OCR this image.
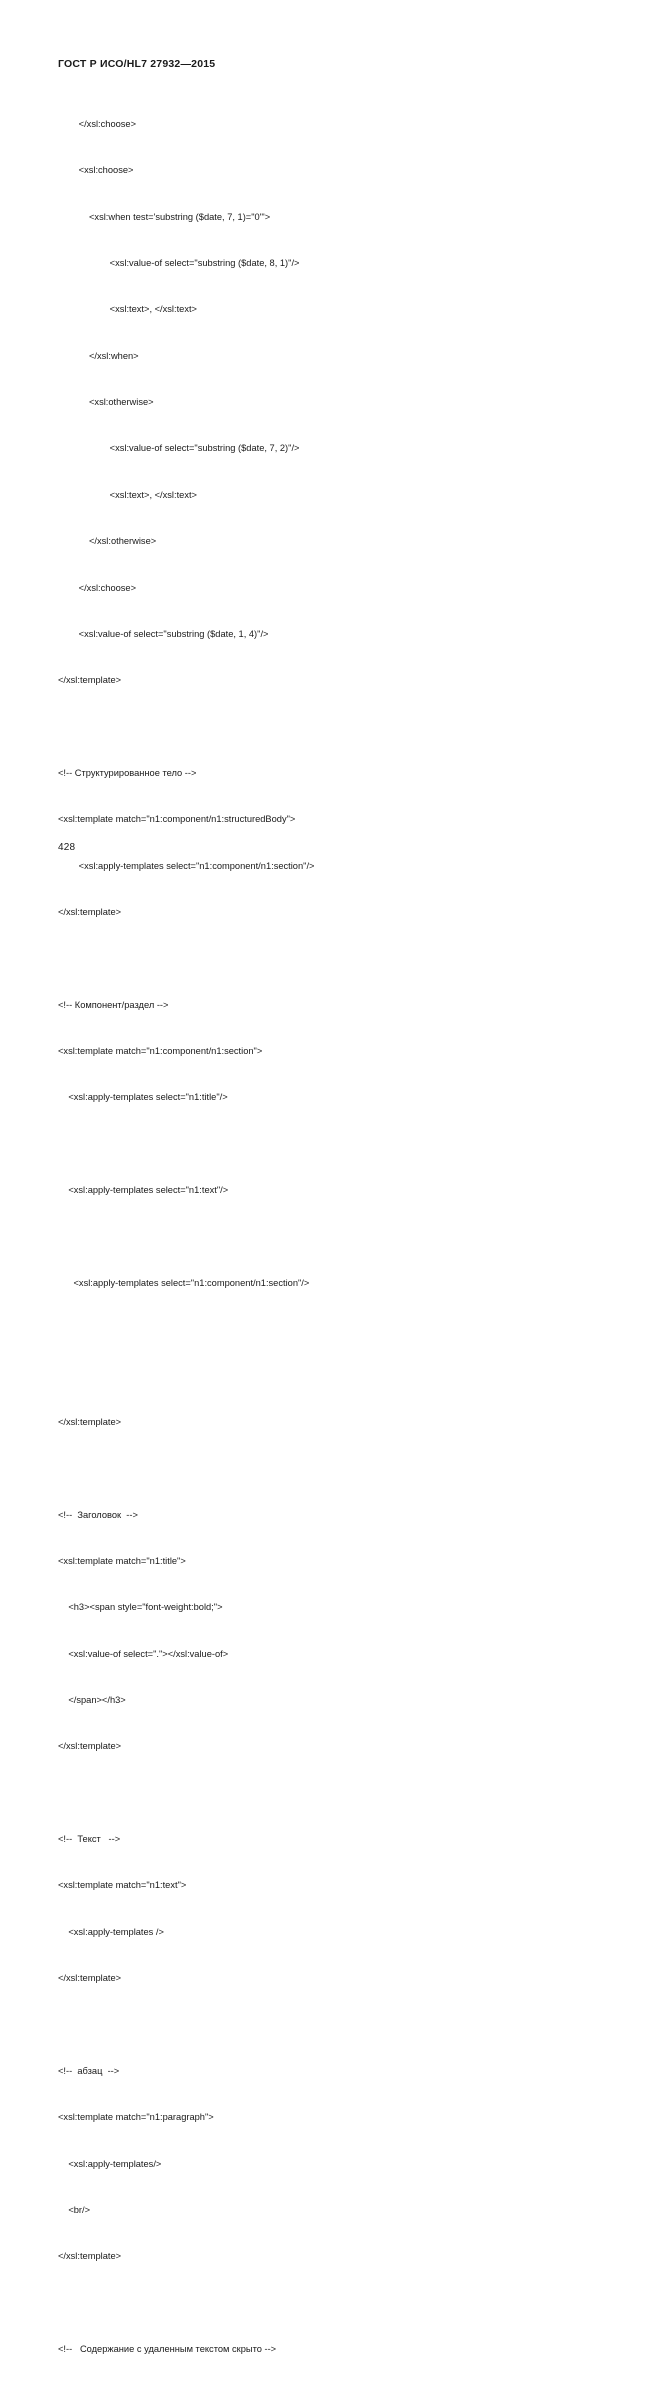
ГОСТ Р ИСО/HL7 27932—2015

</xsl:choose>

<xsl:choose>

<xsl:when test='substring ($date, 7, 1)="0"'>

<xsl:value-of select="substring ($date, 8, 1)"/>

<xsl:text>, </xsl:text>

</xsl:when>

<xsl:otherwise>

<xsl:value-of select="substring ($date, 7, 2)"/>

<xsl:text>, </xsl:text>

</xsl:otherwise>

</xsl:choose>

<xsl:value-of select="substring ($date, 1, 4)"/>

</xsl:template>

<!-- Структурированное тело -->

<xsl:template match="n1:component/n1:structuredBody">

<xsl:apply-templates select="n1:component/n1:section"/>

</xsl:template>

<!-- Компонент/раздел -->

<xsl:template match="n1:component/n1:section">

<xsl:apply-templates select="n1:title"/>

<xsl:apply-templates select="n1:text"/>

<xsl:apply-templates select="n1:component/n1:section"/>

</xsl:template>

<!--  Заголовок  -->

<xsl:template match="n1:title">

<h3><span style="font-weight:bold;">

<xsl:value-of select="."></xsl:value-of>

</span></h3>

</xsl:template>

<!--  Текст   -->

<xsl:template match="n1:text">

<xsl:apply-templates />

</xsl:template>

<!--  абзац  -->

<xsl:template match="n1:paragraph">

<xsl:apply-templates/>

<br/>

</xsl:template>

<!--   Содержание с удаленным текстом скрыто -->

428
